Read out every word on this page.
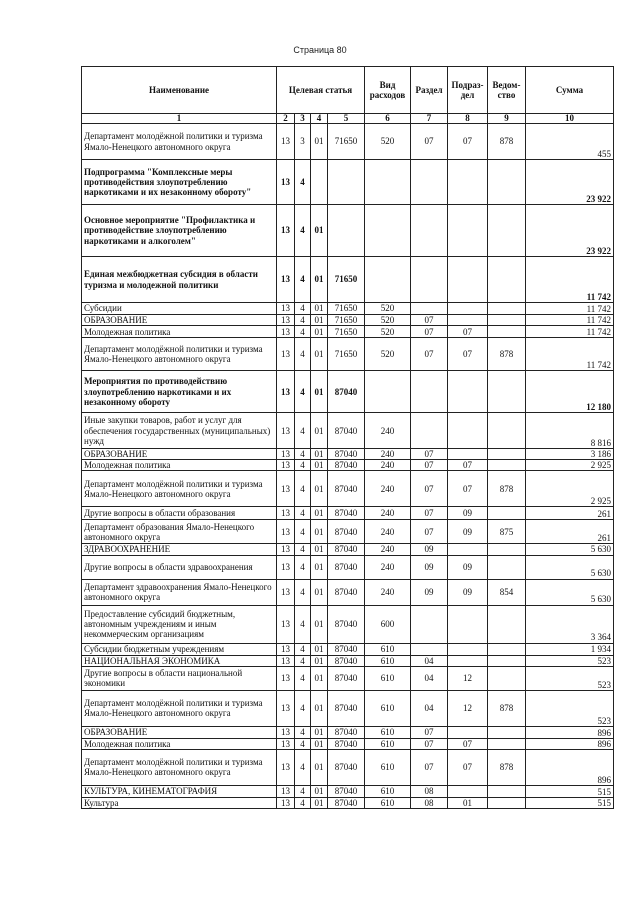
Страница 80
Наименование	Целевая статья				Вид расходов	Раздел	Подраз-дел	Ведом-ство	Сумма
1	2	3	4	5	6	7	8	9	10
Департамент молодёжной политики и туризма Ямало-Ненецкого автономного округа	13	3	01	71650	520	07	07	878	455
Подпрограмма "Комплексные меры противодействия злоупотреблению наркотиками и их незаконному обороту"	13	4							23 922
Основное мероприятие "Профилактика и противодействие злоупотреблению наркотиками и алкоголем"	13	4	01						23 922
Единая межбюджетная субсидия в области туризма и молодежной политики	13	4	01	71650					11 742
Субсидии	13	4	01	71650	520				11 742
ОБРАЗОВАНИЕ	13	4	01	71650	520	07			11 742
Молодежная политика	13	4	01	71650	520	07	07		11 742
Департамент молодёжной политики и туризма Ямало-Ненецкого автономного округа	13	4	01	71650	520	07	07	878	11 742
Мероприятия по противодействию злоупотреблению наркотиками и их незаконному обороту	13	4	01	87040					12 180
Иные закупки товаров, работ и услуг для обеспечения государственных (муниципальных) нужд	13	4	01	87040	240				8 816
ОБРАЗОВАНИЕ	13	4	01	87040	240	07			3 186
Молодежная политика	13	4	01	87040	240	07	07		2 925
Департамент молодёжной политики и туризма Ямало-Ненецкого автономного округа	13	4	01	87040	240	07	07	878	2 925
Другие вопросы в области образования	13	4	01	87040	240	07	09		261
Департамент образования Ямало-Ненецкого автономного округа	13	4	01	87040	240	07	09	875	261
ЗДРАВООХРАНЕНИЕ	13	4	01	87040	240	09			5 630
Другие вопросы в области здравоохранения	13	4	01	87040	240	09	09		5 630
Департамент здравоохранения Ямало-Ненецкого автономного округа	13	4	01	87040	240	09	09	854	5 630
Предоставление субсидий бюджетным, автономным учреждениям и иным некоммерческим организациям	13	4	01	87040	600				3 364
Субсидии бюджетным учреждениям	13	4	01	87040	610				1 934
НАЦИОНАЛЬНАЯ ЭКОНОМИКА	13	4	01	87040	610	04			523
Другие вопросы в области национальной экономики	13	4	01	87040	610	04	12		523
Департамент молодёжной политики и туризма Ямало-Ненецкого автономного округа	13	4	01	87040	610	04	12	878	523
ОБРАЗОВАНИЕ	13	4	01	87040	610	07			896
Молодежная политика	13	4	01	87040	610	07	07		896
Департамент молодёжной политики и туризма Ямало-Ненецкого автономного округа	13	4	01	87040	610	07	07	878	896
КУЛЬТУРА, КИНЕМАТОГРАФИЯ	13	4	01	87040	610	08			515
Культура	13	4	01	87040	610	08	01		515
